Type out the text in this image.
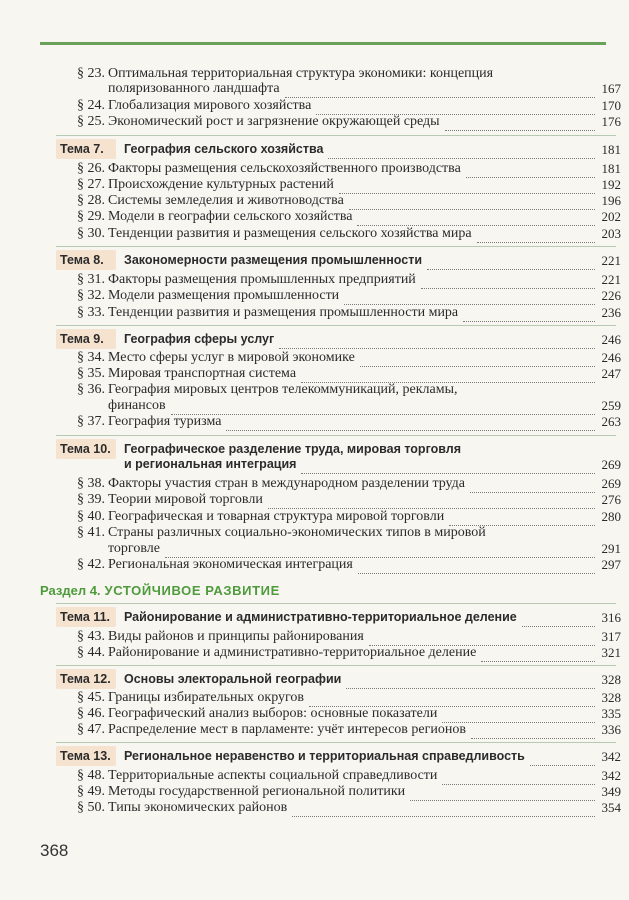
§ 23. Оптимальная территориальная структура экономики: концепция
поляризованного ландшафта	167
§ 24. Глобализация мирового хозяйства	170
§ 25. Экономический рост и загрязнение окружающей среды	176
Тема 7. География сельского хозяйства	181
§ 26. Факторы размещения сельскохозяйственного производства	181
§ 27. Происхождение культурных растений	192
§ 28. Системы земледелия и животноводства	196
§ 29. Модели в географии сельского хозяйства	202
§ 30. Тенденции развития и размещения сельского хозяйства мира	203
Тема 8. Закономерности размещения промышленности	221
§ 31. Факторы размещения промышленных предприятий	221
§ 32. Модели размещения промышленности	226
§ 33. Тенденции развития и размещения промышленности мира	236
Тема 9. География сферы услуг	246
§ 34. Место сферы услуг в мировой экономике	246
§ 35. Мировая транспортная система	247
§ 36. География мировых центров телекоммуникаций, рекламы,
финансов	259
§ 37. География туризма	263
Тема 10. Географическое разделение труда, мировая торговля
и региональная интеграция	269
§ 38. Факторы участия стран в международном разделении труда	269
§ 39. Теории мировой торговли	276
§ 40. Географическая и товарная структура мировой торговли	280
§ 41. Страны различных социально-экономических типов в мировой
торговле	291
§ 42. Региональная экономическая интеграция	297
Тема 11. Районирование и административно-территориальное деление	316
§ 43. Виды районов и принципы районирования	317
§ 44. Районирование и административно-территориальное деление	321
Тема 12. Основы электоральной географии	328
§ 45. Границы избирательных округов	328
§ 46. Географический анализ выборов: основные показатели	335
§ 47. Распределение мест в парламенте: учёт интересов регионов	336
Тема 13. Региональное неравенство и территориальная справедливость	342
§ 48. Территориальные аспекты социальной справедливости	342
§ 49. Методы государственной региональной политики	349
§ 50. Типы экономических районов	354
Раздел 4. УСТОЙЧИВОЕ РАЗВИТИЕ
368
